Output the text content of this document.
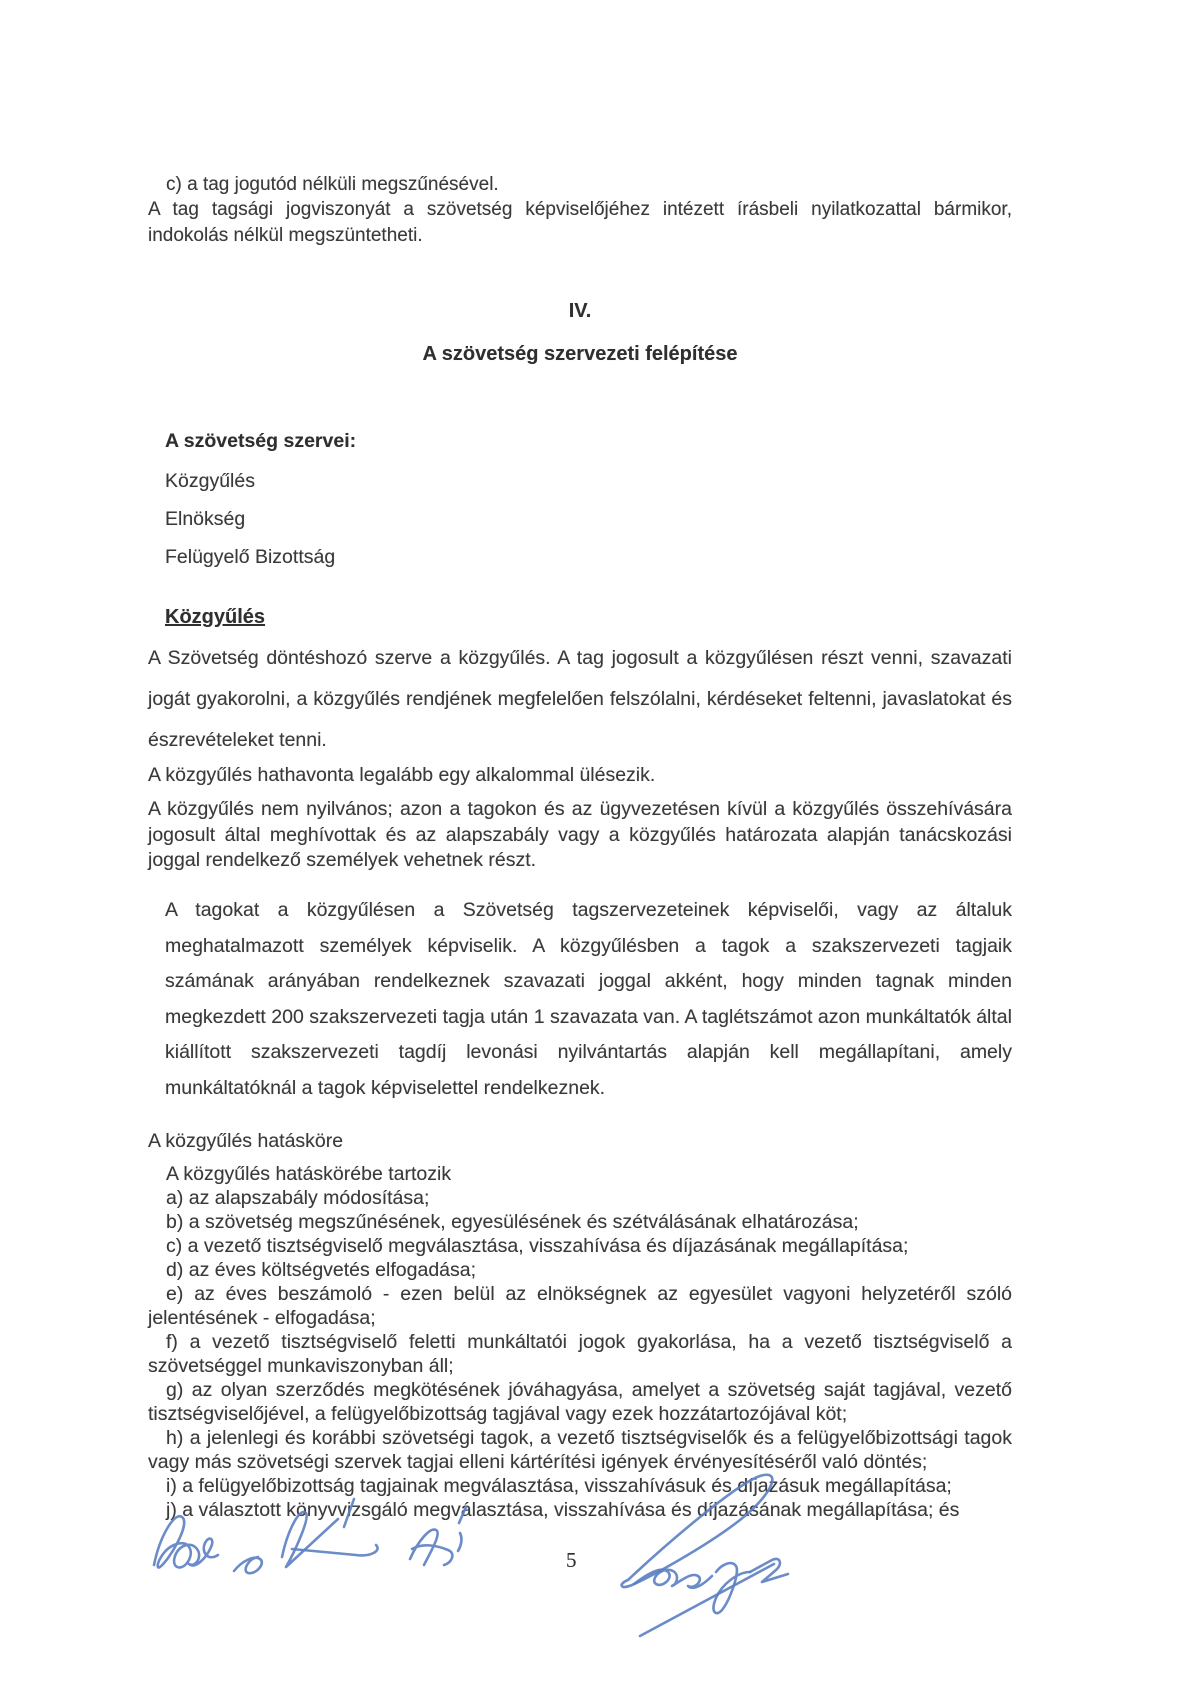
c) a tag jogutód nélküli megszűnésével.
A tag tagsági jogviszonyát a szövetség képviselőjéhez intézett írásbeli nyilatkozattal bármikor, indokolás nélkül megszüntetheti.
IV.
A szövetség szervezeti felépítése
A szövetség szervei:
Közgyűlés
Elnökség
Felügyelő Bizottság
Közgyűlés
A Szövetség döntéshozó szerve a közgyűlés. A tag jogosult a közgyűlésen részt venni, szavazati jogát gyakorolni, a közgyűlés rendjének megfelelően felszólalni, kérdéseket feltenni, javaslatokat és észrevételeket tenni.
A közgyűlés hathavonta legalább egy alkalommal ülésezik.
A közgyűlés nem nyilvános; azon a tagokon és az ügyvezetésen kívül a közgyűlés összehívására jogosult által meghívottak és az alapszabály vagy a közgyűlés határozata alapján tanácskozási joggal rendelkező személyek vehetnek részt.
A tagokat a közgyűlésen a Szövetség tagszervezeteinek képviselői, vagy az általuk meghatalmazott személyek képviselik. A közgyűlésben a tagok a szakszervezeti tagjaik számának arányában rendelkeznek szavazati joggal akként, hogy minden tagnak minden megkezdett 200 szakszervezeti tagja után 1 szavazata van. A taglétszámot azon munkáltatók által kiállított szakszervezeti tagdíj levonási nyilvántartás alapján kell megállapítani, amely munkáltatóknál a tagok képviselettel rendelkeznek.
A közgyűlés hatásköre
A közgyűlés hatáskörébe tartozik
a) az alapszabály módosítása;
b) a szövetség megszűnésének, egyesülésének és szétválásának elhatározása;
c) a vezető tisztségviselő megválasztása, visszahívása és díjazásának megállapítása;
d) az éves költségvetés elfogadása;
e) az éves beszámoló - ezen belül az elnökségnek az egyesület vagyoni helyzetéről szóló jelentésének - elfogadása;
f) a vezető tisztségviselő feletti munkáltatói jogok gyakorlása, ha a vezető tisztségviselő a szövetséggel munkaviszonyban áll;
g) az olyan szerződés megkötésének jóváhagyása, amelyet a szövetség saját tagjával, vezető tisztségviselőjével, a felügyelőbizottság tagjával vagy ezek hozzátartozójával köt;
h) a jelenlegi és korábbi szövetségi tagok, a vezető tisztségviselők és a felügyelőbizottsági tagok vagy más szövetségi szervek tagjai elleni kártérítési igények érvényesítéséről való döntés;
i) a felügyelőbizottság tagjainak megválasztása, visszahívásuk és díjazásuk megállapítása;
j) a választott könyvvizsgáló megválasztása, visszahívása és díjazásának megállapítása; és
5
